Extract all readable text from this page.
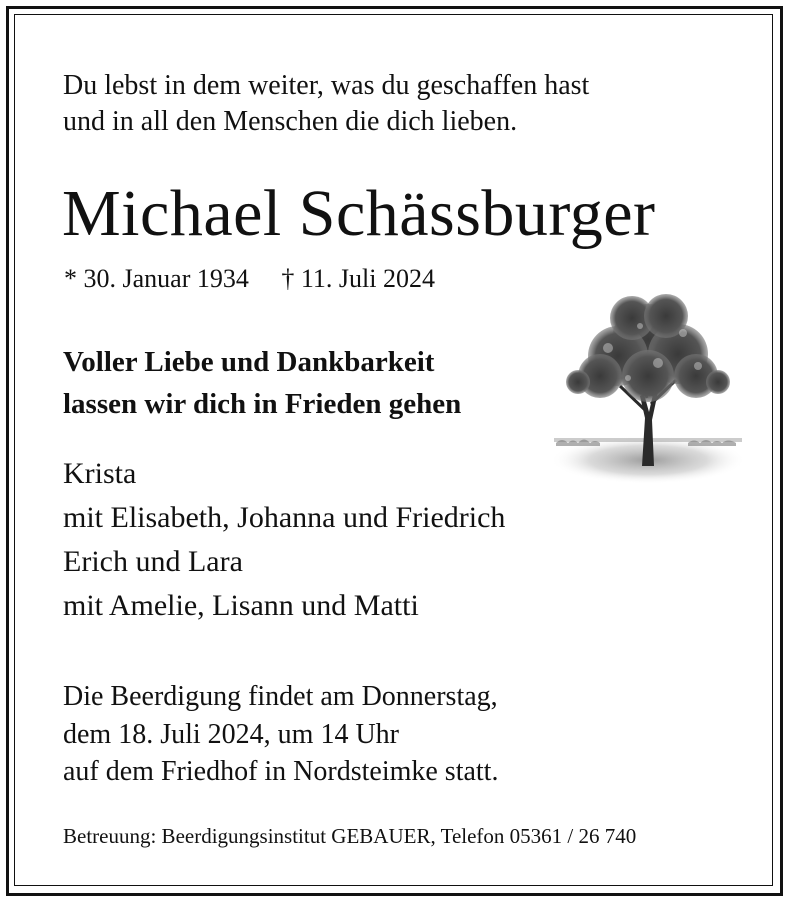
Du lebst in dem weiter, was du geschaffen hast
und in all den Menschen die dich lieben.
Michael Schässburger
* 30. Januar 1934 † 11. Juli 2024
Voller Liebe und Dankbarkeit
lassen wir dich in Frieden gehen
Krista
mit Elisabeth, Johanna und Friedrich
Erich und Lara
mit Amelie, Lisann und Matti
Die Beerdigung findet am Donnerstag,
dem 18. Juli 2024, um 14 Uhr
auf dem Friedhof in Nordsteimke statt.
Betreuung: Beerdigungsinstitut GEBAUER, Telefon 05361 / 26 740
